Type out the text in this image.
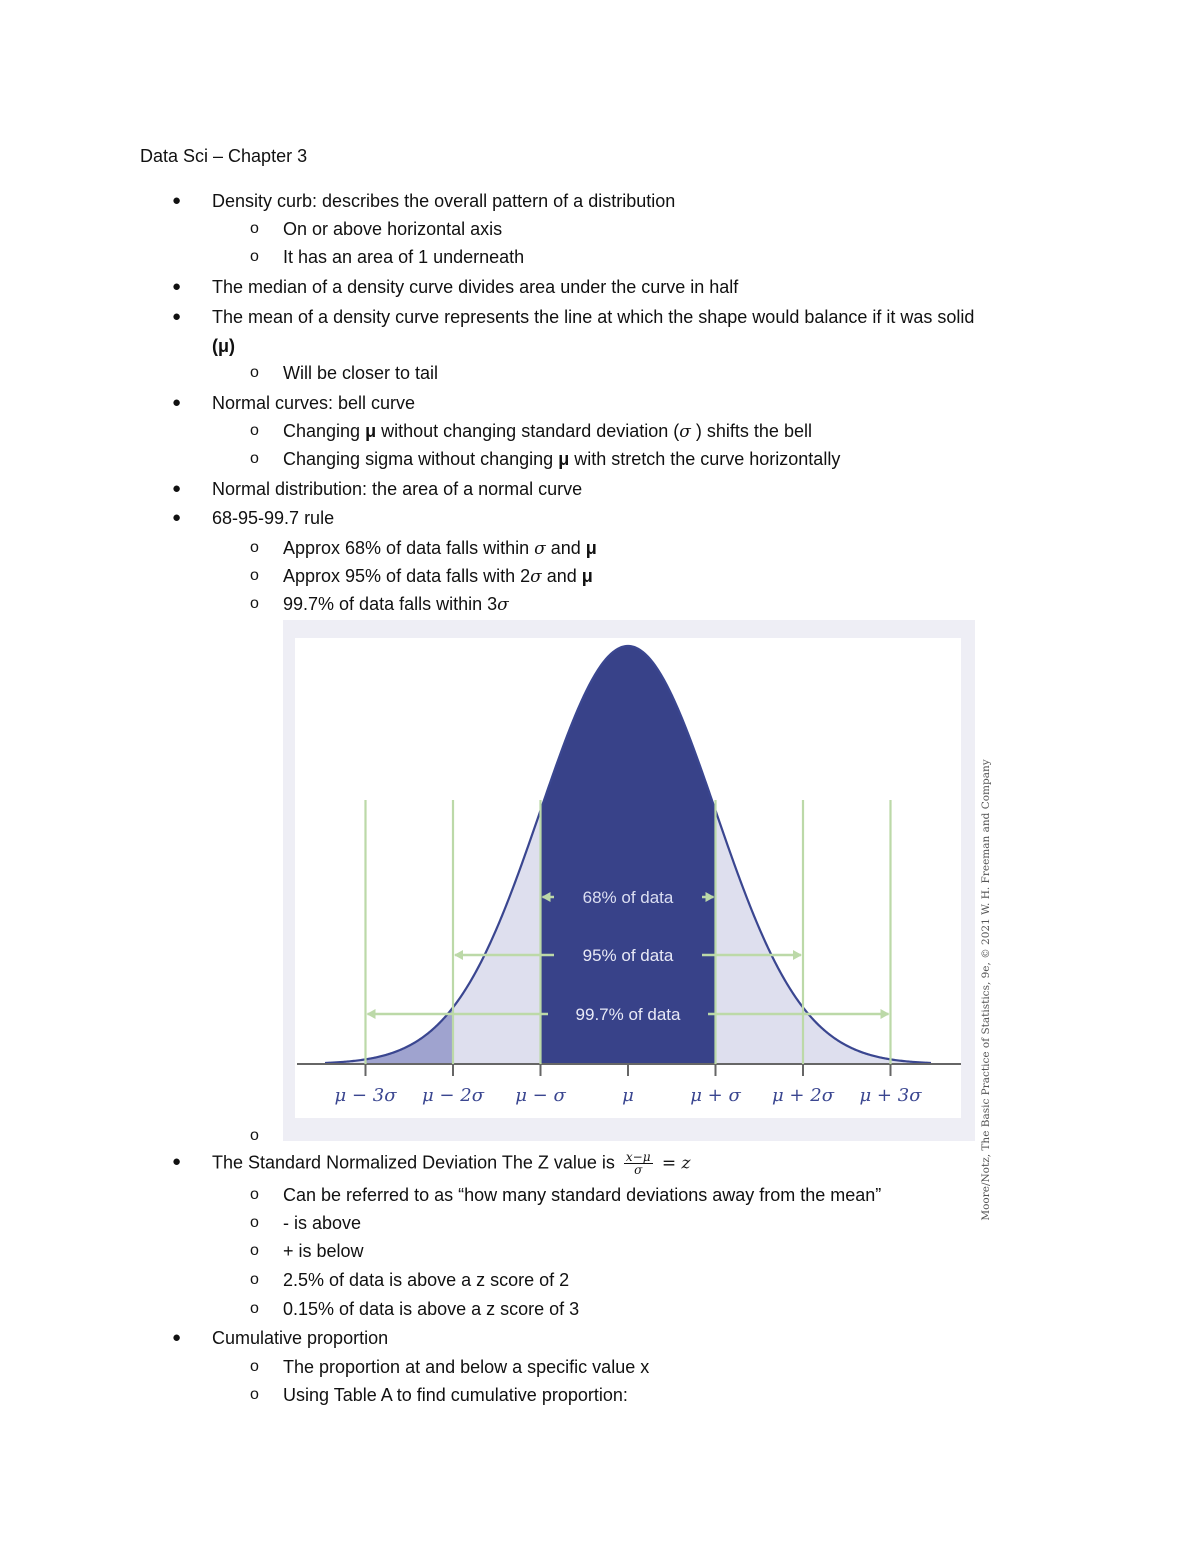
Data Sci – Chapter 3
● Density curb: describes the overall pattern of a distribution
o On or above horizontal axis
o It has an area of 1 underneath
● The median of a density curve divides area under the curve in half
● The mean of a density curve represents the line at which the shape would balance if it was solid
(μ)
o Will be closer to tail
● Normal curves: bell curve
o Changing μ without changing standard deviation (σ ) shifts the bell
o Changing sigma without changing μ with stretch the curve horizontally
● Normal distribution: the area of a normal curve
● 68-95-99.7 rule
o Approx 68% of data falls within σ and μ
o Approx 95% of data falls with 2σ and μ
o 99.7% of data falls within 3σ
68% of data
95% of data
99.7% of data
μ − 3σ μ − 2σ μ − σ	μ	μ + σ μ + 2σ μ + 3σ	Moore/Notz, The Basic Practice of Statistics, 9e, © 2021 W. H. Freeman and Company
o
● The Standard Normalized Deviation The Z value is $\frac{x-\mu}{\sigma} = z$
o Can be referred to as “how many standard deviations away from the mean”
o - is above
o + is below
o 2.5% of data is above a z score of 2
o 0.15% of data is above a z score of 3
● Cumulative proportion
o The proportion at and below a specific value x
o Using Table A to find cumulative proportion:
